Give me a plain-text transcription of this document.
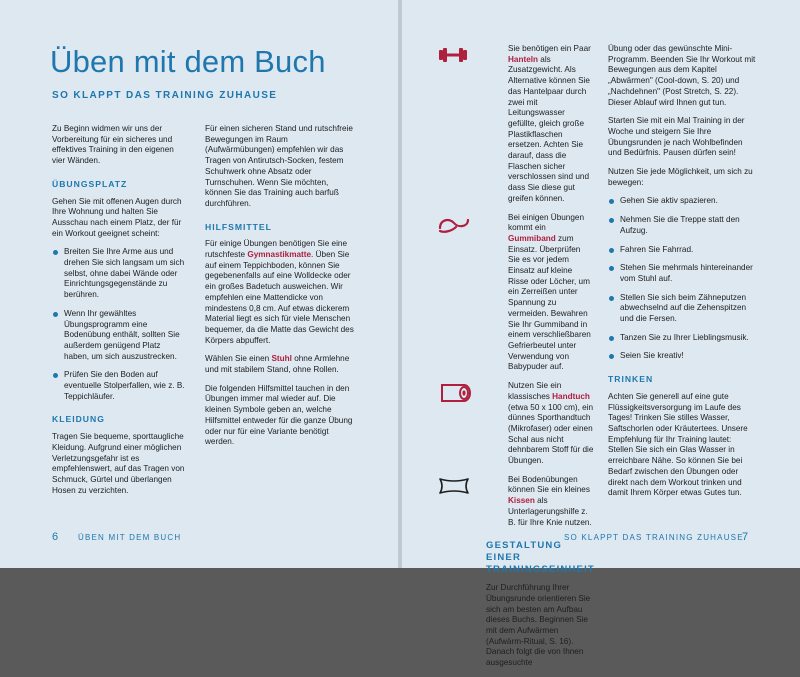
Üben mit dem Buch
SO KLAPPT DAS TRAINING ZUHAUSE

Zu Beginn widmen wir uns der Vorbereitung für ein sicheres und effektives Training in den eigenen vier Wänden.

ÜBUNGSPLATZ

Gehen Sie mit offenen Augen durch Ihre Wohnung und halten Sie Ausschau nach einem Platz, der für ein Workout geeignet scheint:

Breiten Sie Ihre Arme aus und drehen Sie sich langsam um sich selbst, ohne dabei Wände oder Einrichtungsgegenstände zu berühren.
Wenn Ihr gewähltes Übungsprogramm eine Bodenübung enthält, sollten Sie außerdem genügend Platz haben, um sich auszustrecken.
Prüfen Sie den Boden auf eventuelle Stolperfallen, wie z. B. Teppichläufer.
KLEIDUNG

Tragen Sie bequeme, sporttaugliche Kleidung. Aufgrund einer möglichen Verletzungsgefahr ist es empfehlenswert, auf das Tragen von Schmuck, Gürtel und überlangen Hosen zu verzichten.

Für einen sicheren Stand und rutschfreie Bewegungen im Raum (Aufwärmübungen) empfehlen wir das Tragen von Antirutsch-Socken, festem Schuhwerk ohne Absatz oder Turnschuhen. Wenn Sie möchten, können Sie das Training auch barfuß durchführen.

HILFSMITTEL

Für einige Übungen benötigen Sie eine rutschfeste Gymnastikmatte. Üben Sie auf einem Teppichboden, können Sie gegebenenfalls auf eine Wolldecke oder ein großes Badetuch ausweichen. Wir empfehlen eine Mattendicke von mindestens 0,8 cm. Auf etwas dickerem Material liegt es sich für viele Menschen bequemer, da die Matte das Gewicht des Körpers abpuffert.

Wählen Sie einen Stuhl ohne Armlehne und mit stabilem Stand, ohne Rollen.

Die folgenden Hilfsmittel tauchen in den Übungen immer mal wieder auf. Die kleinen Symbole geben an, welche Hilfsmittel entweder für die ganze Übung oder nur für eine Variante benötigt werden.

6 ÜBEN MIT DEM BUCH

Sie benötigen ein Paar Hanteln als Zusatzgewicht. Als Alternative können Sie das Hantelpaar durch zwei mit Leitungswasser gefüllte, gleich große Plastikflaschen ersetzen. Achten Sie darauf, dass die Flaschen sicher verschlossen sind und dass Sie diese gut greifen können.

Bei einigen Übungen kommt ein Gummiband zum Einsatz. Überprüfen Sie es vor jedem Einsatz auf kleine Risse oder Löcher, um ein Zerreißen unter Spannung zu vermeiden. Bewahren Sie Ihr Gummiband in einem verschließbaren Gefrierbeutel unter Verwendung von Babypuder auf.

Nutzen Sie ein klassisches Handtuch (etwa 50 x 100 cm), ein dünnes Sporthandtuch (Mikrofaser) oder einen Schal aus nicht dehnbarem Stoff für die Übungen.

Bei Bodenübungen können Sie ein kleines Kissen als Unterlagerungshilfe z. B. für Ihre Knie nutzen.

GESTALTUNG EINER TRAININGSEINHEIT

Zur Durchführung Ihrer Übungsrunde orientieren Sie sich am besten am Aufbau dieses Buchs. Beginnen Sie mit dem Aufwärmen (Aufwärm-Ritual, S. 16). Danach folgt die von Ihnen ausgesuchte

Übung oder das gewünschte Mini-Programm. Beenden Sie Ihr Workout mit Bewegungen aus dem Kapitel „Abwärmen" (Cool-down, S. 20) und „Nachdehnen" (Post Stretch, S. 22). Dieser Ablauf wird Ihnen gut tun.

Starten Sie mit ein Mal Training in der Woche und steigern Sie Ihre Übungsrunden je nach Wohlbefinden und Bedürfnis. Pausen dürfen sein!

Nutzen Sie jede Möglichkeit, um sich zu bewegen:

Gehen Sie aktiv spazieren.
Nehmen Sie die Treppe statt den Aufzug.
Fahren Sie Fahrrad.
Stehen Sie mehrmals hintereinander vom Stuhl auf.
Stellen Sie sich beim Zähneputzen abwechselnd auf die Zehenspitzen und die Fersen.
Tanzen Sie zu Ihrer Lieblingsmusik.
Seien Sie kreativ!
TRINKEN

Achten Sie generell auf eine gute Flüssigkeitsversorgung im Laufe des Tages! Trinken Sie stilles Wasser, Saftschorlen oder Kräutertees. Unsere Empfehlung für Ihr Training lautet: Stellen Sie sich ein Glas Wasser in erreichbare Nähe. So können Sie bei Bedarf zwischen den Übungen oder direkt nach dem Workout trinken und damit Ihrem Körper etwas Gutes tun.

SO KLAPPT DAS TRAINING ZUHAUSE
7
